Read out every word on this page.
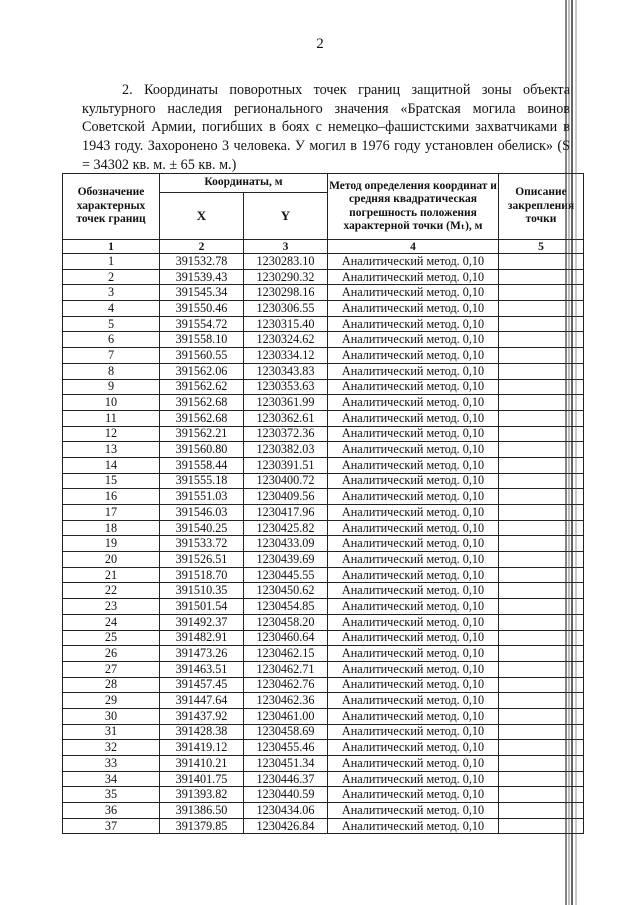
2

2. Координаты поворотных точек границ защитной зоны объекта культурного наследия регионального значения «Братская могила воинов Советской Армии, погибших в боях с немецко–фашистскими захватчиками в 1943 году. Захоронено 3 человека. У могил в 1976 году установлен обелиск» (S = 34302 кв. м. ± 65 кв. м.)

Обозначение характерных точек границ	Координаты, м		Метод определения координат и средняя квадратическая погрешность положения характерной точки (Mₜ), м	Описание закрепления точки
	X	Y		
1	2	3	4	5
1	391532.78	1230283.10	Аналитический метод. 0,10	
2	391539.43	1230290.32	Аналитический метод. 0,10	
3	391545.34	1230298.16	Аналитический метод. 0,10	
4	391550.46	1230306.55	Аналитический метод. 0,10	
5	391554.72	1230315.40	Аналитический метод. 0,10	
6	391558.10	1230324.62	Аналитический метод. 0,10	
7	391560.55	1230334.12	Аналитический метод. 0,10	
8	391562.06	1230343.83	Аналитический метод. 0,10	
9	391562.62	1230353.63	Аналитический метод. 0,10	
10	391562.68	1230361.99	Аналитический метод. 0,10	
11	391562.68	1230362.61	Аналитический метод. 0,10	
12	391562.21	1230372.36	Аналитический метод. 0,10	
13	391560.80	1230382.03	Аналитический метод. 0,10	
14	391558.44	1230391.51	Аналитический метод. 0,10	
15	391555.18	1230400.72	Аналитический метод. 0,10	
16	391551.03	1230409.56	Аналитический метод. 0,10	
17	391546.03	1230417.96	Аналитический метод. 0,10	
18	391540.25	1230425.82	Аналитический метод. 0,10	
19	391533.72	1230433.09	Аналитический метод. 0,10	
20	391526.51	1230439.69	Аналитический метод. 0,10	
21	391518.70	1230445.55	Аналитический метод. 0,10	
22	391510.35	1230450.62	Аналитический метод. 0,10	
23	391501.54	1230454.85	Аналитический метод. 0,10	
24	391492.37	1230458.20	Аналитический метод. 0,10	
25	391482.91	1230460.64	Аналитический метод. 0,10	
26	391473.26	1230462.15	Аналитический метод. 0,10	
27	391463.51	1230462.71	Аналитический метод. 0,10	
28	391457.45	1230462.76	Аналитический метод. 0,10	
29	391447.64	1230462.36	Аналитический метод. 0,10	
30	391437.92	1230461.00	Аналитический метод. 0,10	
31	391428.38	1230458.69	Аналитический метод. 0,10	
32	391419.12	1230455.46	Аналитический метод. 0,10	
33	391410.21	1230451.34	Аналитический метод. 0,10	
34	391401.75	1230446.37	Аналитический метод. 0,10	
35	391393.82	1230440.59	Аналитический метод. 0,10	
36	391386.50	1230434.06	Аналитический метод. 0,10	
37	391379.85	1230426.84	Аналитический метод. 0,10	
